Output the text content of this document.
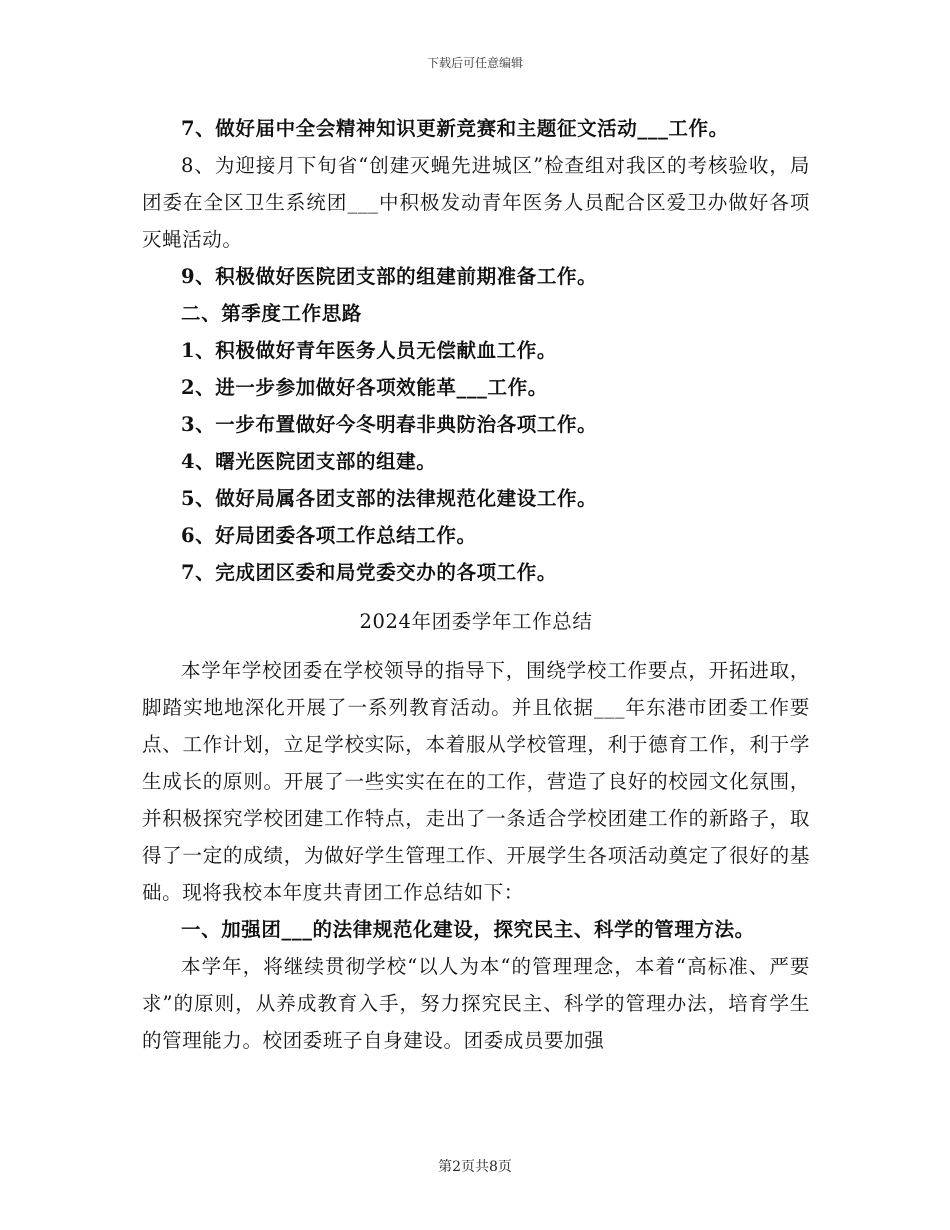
下载后可任意编辑

7、做好届中全会精神知识更新竞赛和主题征文活动___工作。

8、为迎接月下旬省“创建灭蝇先进城区”检查组对我区的考核验收，局团委在全区卫生系统团___中积极发动青年医务人员配合区爱卫办做好各项灭蝇活动。

9、积极做好医院团支部的组建前期准备工作。

二、第季度工作思路

1、积极做好青年医务人员无偿献血工作。

2、进一步参加做好各项效能革___工作。

3、一步布置做好今冬明春非典防治各项工作。

4、曙光医院团支部的组建。

5、做好局属各团支部的法律规范化建设工作。

6、好局团委各项工作总结工作。

7、完成团区委和局党委交办的各项工作。

2024年团委学年工作总结

本学年学校团委在学校领导的指导下，围绕学校工作要点，开拓进取，脚踏实地地深化开展了一系列教育活动。并且依据___年东港市团委工作要点、工作计划，立足学校实际，本着服从学校管理，利于德育工作，利于学生成长的原则。开展了一些实实在在的工作，营造了良好的校园文化氛围，并积极探究学校团建工作特点，走出了一条适合学校团建工作的新路子，取得了一定的成绩，为做好学生管理工作、开展学生各项活动奠定了很好的基础。现将我校本年度共青团工作总结如下：

一、加强团___的法律规范化建设，探究民主、科学的管理方法。

本学年，将继续贯彻学校“以人为本“的管理理念，本着“高标准、严要求”的原则，从养成教育入手，努力探究民主、科学的管理办法，培育学生的管理能力。校团委班子自身建设。团委成员要加强

第2页共8页
